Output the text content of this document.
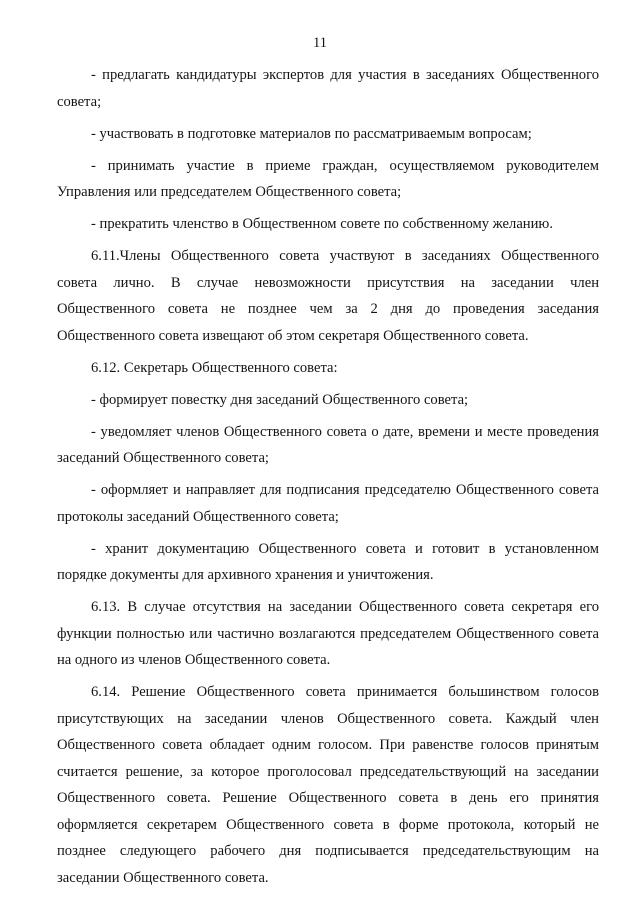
11

- предлагать кандидатуры экспертов для участия в заседаниях Общественного совета;

- участвовать в подготовке материалов по рассматриваемым вопросам;

- принимать участие в приеме граждан, осуществляемом руководителем Управления или председателем Общественного совета;

- прекратить членство в Общественном совете по собственному желанию.

6.11.Члены Общественного совета участвуют в заседаниях Общественного совета лично. В случае невозможности присутствия на заседании член Общественного совета не позднее чем за 2 дня до проведения заседания Общественного совета извещают об этом секретаря Общественного совета.

6.12. Секретарь Общественного совета:

- формирует повестку дня заседаний Общественного совета;

- уведомляет членов Общественного совета о дате, времени и месте проведения заседаний Общественного совета;

- оформляет и направляет для подписания председателю Общественного совета протоколы заседаний Общественного совета;

- хранит документацию Общественного совета и готовит в установленном порядке документы для архивного хранения и уничтожения.

6.13. В случае отсутствия на заседании Общественного совета секретаря его функции полностью или частично возлагаются председателем Общественного совета на одного из членов Общественного совета.

6.14. Решение Общественного совета принимается большинством голосов присутствующих на заседании членов Общественного совета. Каждый член Общественного совета обладает одним голосом. При равенстве голосов принятым считается решение, за которое проголосовал председательствующий на заседании Общественного совета. Решение Общественного совета в день его принятия оформляется секретарем Общественного совета в форме протокола, который не позднее следующего рабочего дня подписывается председательствующим на заседании Общественного совета.
